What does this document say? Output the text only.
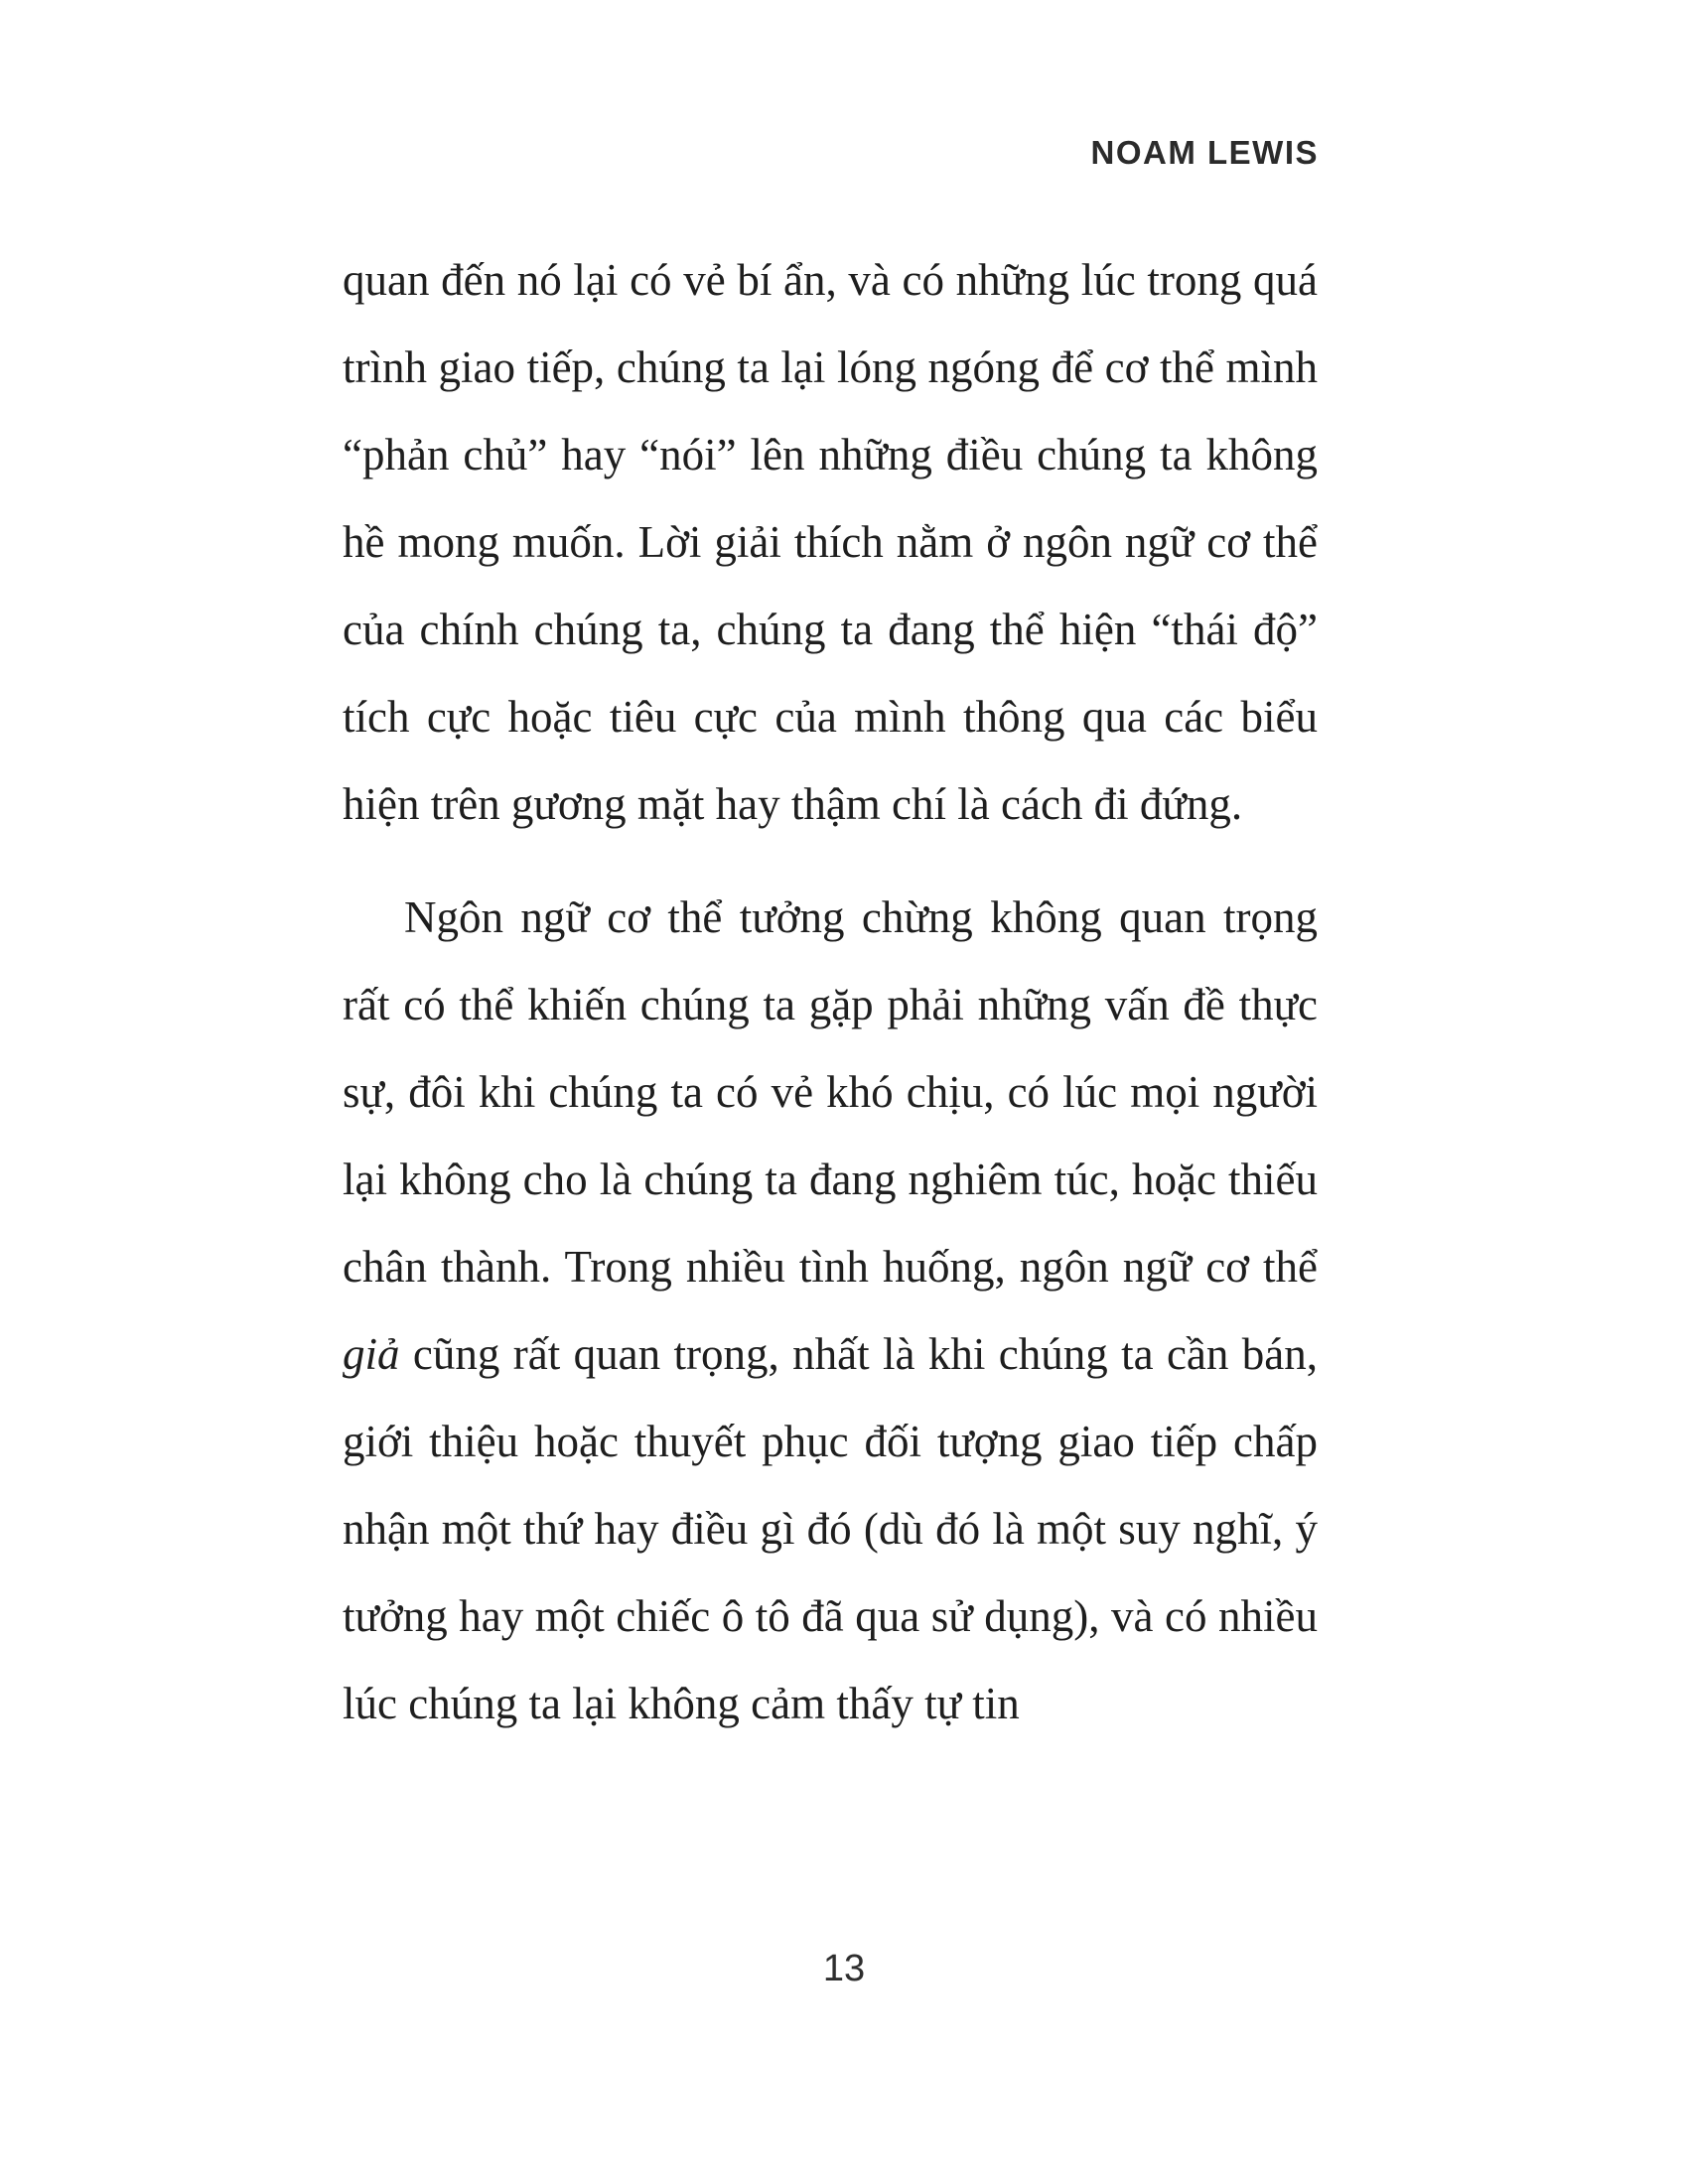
NOAM LEWIS

quan đến nó lại có vẻ bí ẩn, và có những lúc trong quá trình giao tiếp, chúng ta lại lóng ngóng để cơ thể mình “phản chủ” hay “nói” lên những điều chúng ta không hề mong muốn. Lời giải thích nằm ở ngôn ngữ cơ thể của chính chúng ta, chúng ta đang thể hiện “thái độ” tích cực hoặc tiêu cực của mình thông qua các biểu hiện trên gương mặt hay thậm chí là cách đi đứng.

Ngôn ngữ cơ thể tưởng chừng không quan trọng rất có thể khiến chúng ta gặp phải những vấn đề thực sự, đôi khi chúng ta có vẻ khó chịu, có lúc mọi người lại không cho là chúng ta đang nghiêm túc, hoặc thiếu chân thành. Trong nhiều tình huống, ngôn ngữ cơ thể giả cũng rất quan trọng, nhất là khi chúng ta cần bán, giới thiệu hoặc thuyết phục đối tượng giao tiếp chấp nhận một thứ hay điều gì đó (dù đó là một suy nghĩ, ý tưởng hay một chiếc ô tô đã qua sử dụng), và có nhiều lúc chúng ta lại không cảm thấy tự tin

13
